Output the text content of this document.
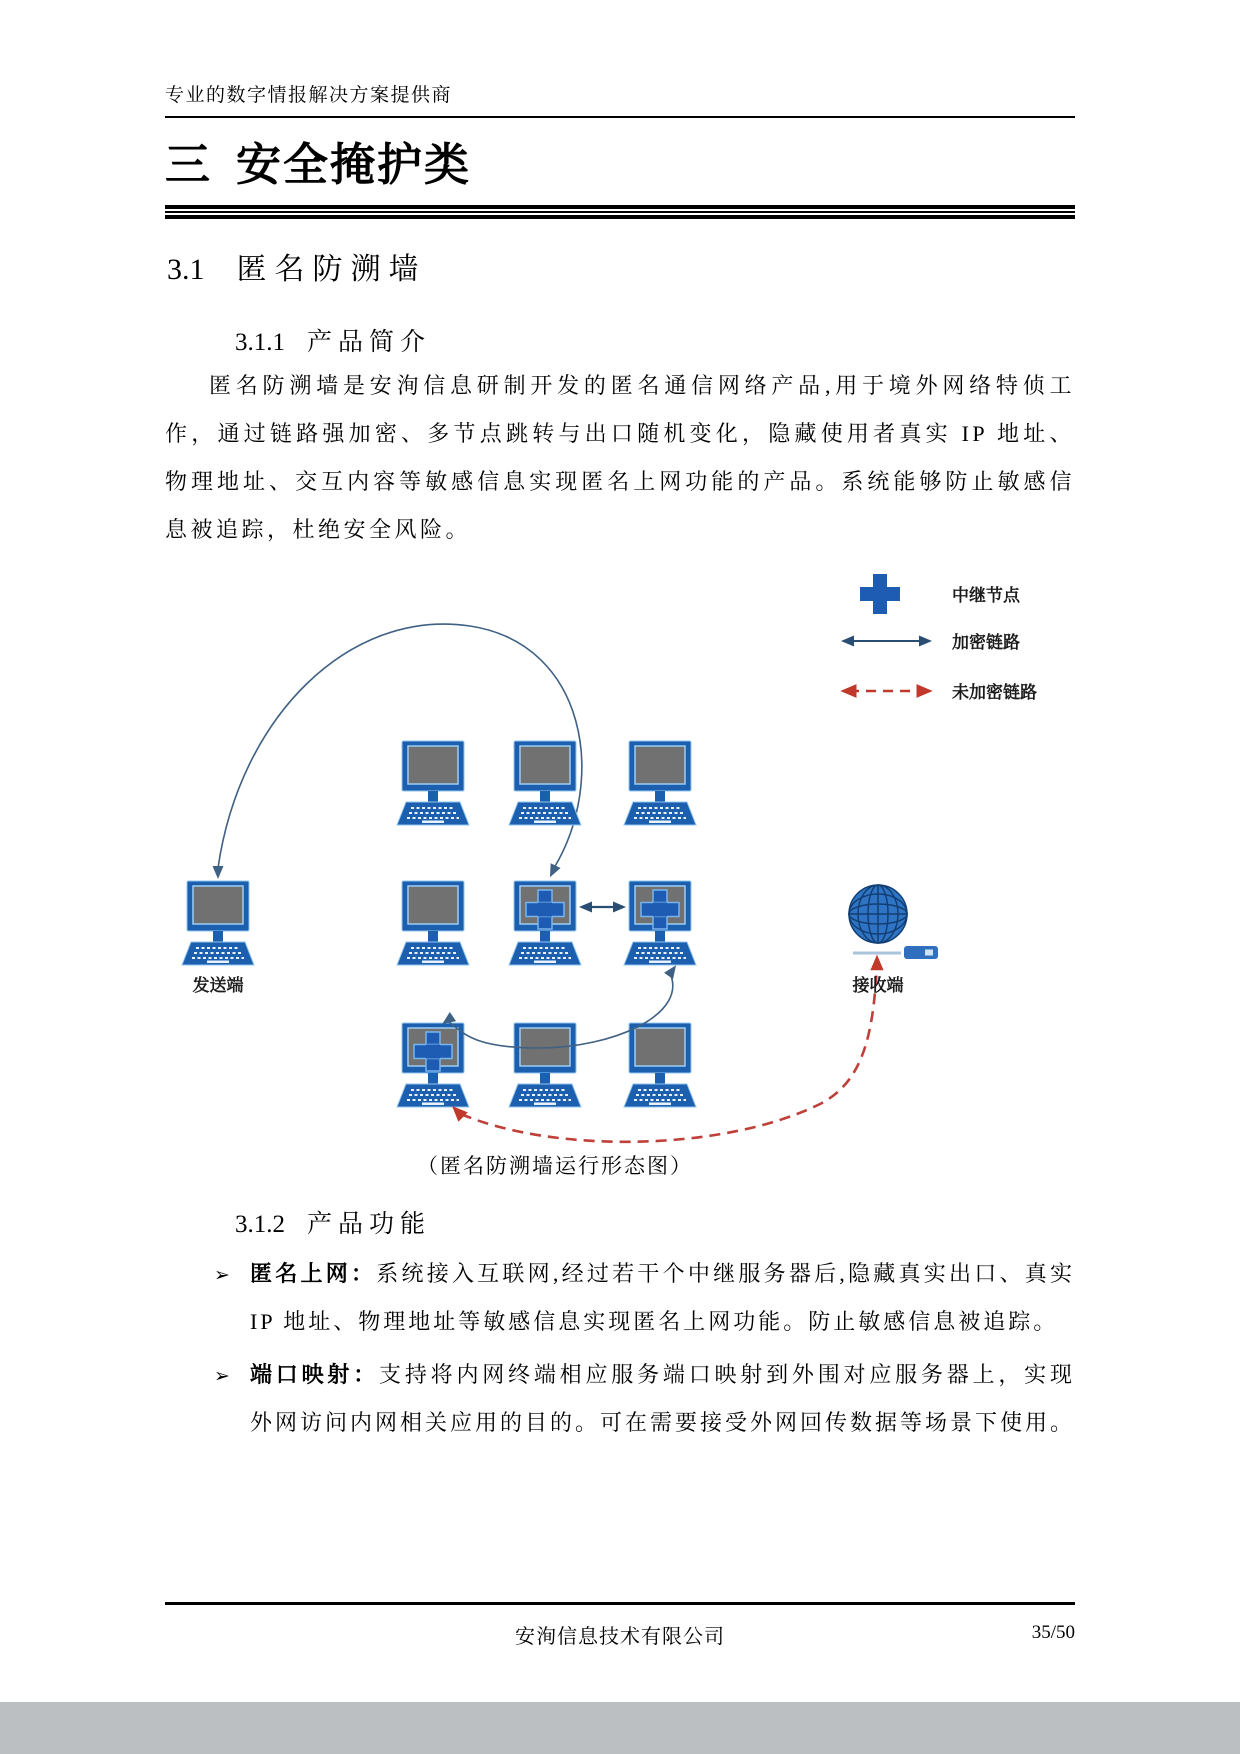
专业的数字情报解决方案提供商
三 安全掩护类
3.1 匿名防溯墙
3.1.1 产品简介

匿名防溯墙是安洵信息研制开发的匿名通信网络产品,用于境外网络特侦工作，通过链路强加密、多节点跳转与出口随机变化，隐藏使用者真实 IP 地址、物理地址、交互内容等敏感信息实现匿名上网功能的产品。系统能够防止敏感信息被追踪，杜绝安全风险。

中继节点
加密链路
未加密链路
发送端	接收端
（匿名防溯墙运行形态图）
3.1.2 产品功能
➢ 匿名上网：系统接入互联网,经过若干个中继服务器后,隐藏真实出口、真实 IP 地址、物理地址等敏感信息实现匿名上网功能。防止敏感信息被追踪。
➢ 端口映射：支持将内网终端相应服务端口映射到外围对应服务器上，实现外网访问内网相关应用的目的。可在需要接受外网回传数据等场景下使用。
安洵信息技术有限公司	35/50
